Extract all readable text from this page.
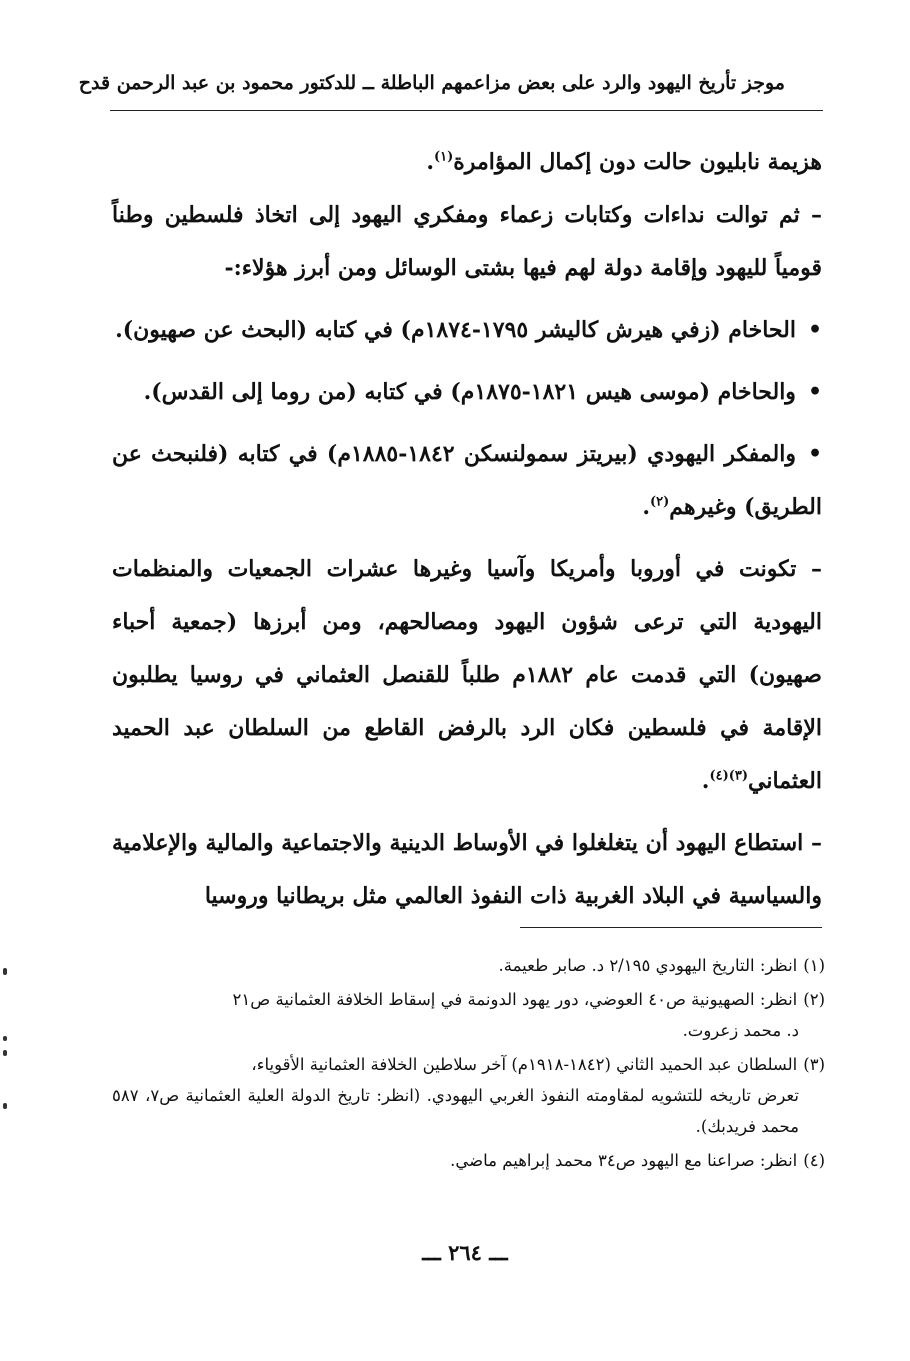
موجز تأريخ اليهود والرد على بعض مزاعمهم الباطلة ــ للدكتور محمود بن عبد الرحمن قدح

هزيمة نابليون حالت دون إكمال المؤامرة$^{(١)}$.

– ثم توالت نداءات وكتابات زعماء ومفكري اليهود إلى اتخاذ فلسطين وطناً قومياً لليهود وإقامة دولة لهم فيها بشتى الوسائل ومن أبرز هؤلاء:-

•الحاخام (زفي هيرش كاليشر ١٧٩٥-١٨٧٤م) في كتابه (البحث عن صهيون).

•والحاخام (موسى هيس ١٨٢١-١٨٧٥م) في كتابه (من روما إلى القدس).

•والمفكر اليهودي (بيريتز سمولنسكن ١٨٤٢-١٨٨٥م) في كتابه (فلنبحث عن الطريق) وغيرهم$^{(٢)}$.

– تكونت في أوروبا وأمريكا وآسيا وغيرها عشرات الجمعيات والمنظمات اليهودية التي ترعى شؤون اليهود ومصالحهم، ومن أبرزها (جمعية أحباء صهيون) التي قدمت عام ١٨٨٢م طلباً للقنصل العثماني في روسيا يطلبون الإقامة في فلسطين فكان الرد بالرفض القاطع من السلطان عبد الحميد العثماني$^{(٣)(٤)}$.

– استطاع اليهود أن يتغلغلوا في الأوساط الدينية والاجتماعية والمالية والإعلامية والسياسية في البلاد الغربية ذات النفوذ العالمي مثل بريطانيا وروسيا

(١)انظر: التاريخ اليهودي ٢/١٩٥ د. صابر طعيمة.
(٢)انظر: الصهيونية ص٤٠ العوضي، دور يهود الدونمة في إسقاط الخلافة العثمانية ص٢١
د. محمد زعروت.
(٣)السلطان عبد الحميد الثاني (١٨٤٢-١٩١٨م) آخر سلاطين الخلافة العثمانية الأقوياء،
تعرض تاريخه للتشويه لمقاومته النفوذ الغربي اليهودي. (انظر: تاريخ الدولة العلية العثمانية ص٧، ٥٨٧ محمد فريدبك).
(٤)انظر: صراعنا مع اليهود ص٣٤ محمد إبراهيم ماضي.
ـــ ٢٦٤ ـــ
